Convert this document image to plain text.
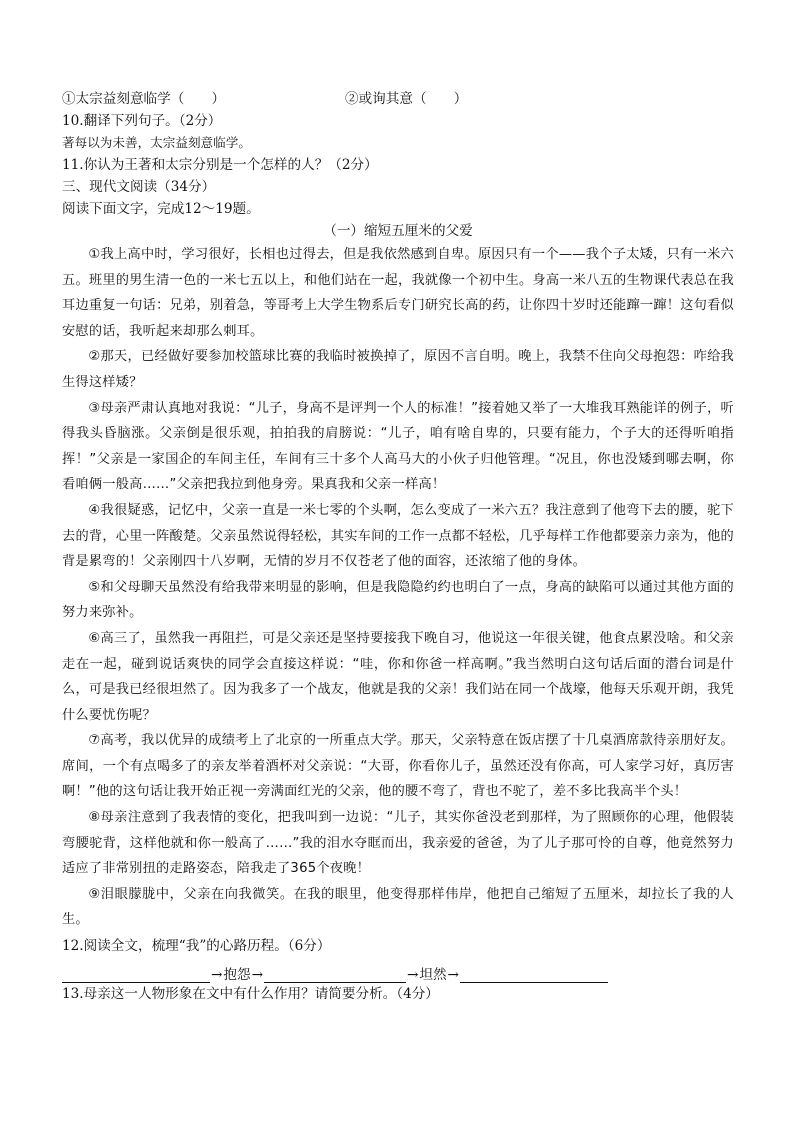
①太宗益刻意临学（　　）	②或询其意（　　）

10.翻译下列句子。（2分）

著每以为未善，太宗益刻意临学。

11.你认为王著和太宗分别是一个怎样的人？（2分）

三、现代文阅读（34分）

阅读下面文字，完成12～19题。

（一）缩短五厘米的父爱

①我上高中时，学习很好，长相也过得去，但是我依然感到自卑。原因只有一个——我个子太矮，只有一米六五。班里的男生清一色的一米七五以上，和他们站在一起，我就像一个初中生。身高一米八五的生物课代表总在我耳边重复一句话：兄弟，别着急，等哥考上大学生物系后专门研究长高的药，让你四十岁时还能蹿一蹿！这句看似安慰的话，我听起来却那么刺耳。

②那天，已经做好要参加校篮球比赛的我临时被换掉了，原因不言自明。晚上，我禁不住向父母抱怨：咋给我生得这样矮？

③母亲严肃认真地对我说：“儿子，身高不是评判一个人的标准！”接着她又举了一大堆我耳熟能详的例子，听得我头昏脑涨。父亲倒是很乐观，拍拍我的肩膀说：“儿子，咱有啥自卑的，只要有能力，个子大的还得听咱指挥！”父亲是一家国企的车间主任，车间有三十多个人高马大的小伙子归他管理。“况且，你也没矮到哪去啊，你看咱俩一般高……”父亲把我拉到他身旁。果真我和父亲一样高！

④我很疑惑，记忆中，父亲一直是一米七零的个头啊，怎么变成了一米六五？我注意到了他弯下去的腰，驼下去的背，心里一阵酸楚。父亲虽然说得轻松，其实车间的工作一点都不轻松，几乎每样工作他都要亲力亲为，他的背是累弯的！父亲刚四十八岁啊，无情的岁月不仅苍老了他的面容，还浓缩了他的身体。

⑤和父母聊天虽然没有给我带来明显的影响，但是我隐隐约约也明白了一点，身高的缺陷可以通过其他方面的努力来弥补。

⑥高三了，虽然我一再阻拦，可是父亲还是坚持要接我下晚自习，他说这一年很关键，他食点累没啥。和父亲走在一起，碰到说话爽快的同学会直接这样说：“哇，你和你爸一样高啊。”我当然明白这句话后面的潜台词是什么，可是我已经很坦然了。因为我多了一个战友，他就是我的父亲！我们站在同一个战壕，他每天乐观开朗，我凭什么要忧伤呢？

⑦高考，我以优异的成绩考上了北京的一所重点大学。那天，父亲特意在饭店摆了十几桌酒席款待亲朋好友。席间，一个有点喝多了的亲友举着酒杯对父亲说：“大哥，你看你儿子，虽然还没有你高，可人家学习好，真厉害啊！”他的这句话让我开始正视一旁满面红光的父亲，他的腰不弯了，背也不驼了，差不多比我高半个头！

⑧母亲注意到了我表情的变化，把我叫到一边说：“儿子，其实你爸没老到那样，为了照顾你的心理，他假装弯腰驼背，这样他就和你一般高了……”我的泪水夺眶而出，我亲爱的爸爸，为了儿子那可怜的自尊，他竟然努力适应了非常别扭的走路姿态，陪我走了365个夜晚！

⑨泪眼朦胧中，父亲在向我微笑。在我的眼里，他变得那样伟岸，他把自己缩短了五厘米，却拉长了我的人生。

12.阅读全文，梳理“我”的心路历程。（6分）

→ 抱怨 →	→ 坦然 →

13.母亲这一人物形象在文中有什么作用？请简要分析。（4分）
